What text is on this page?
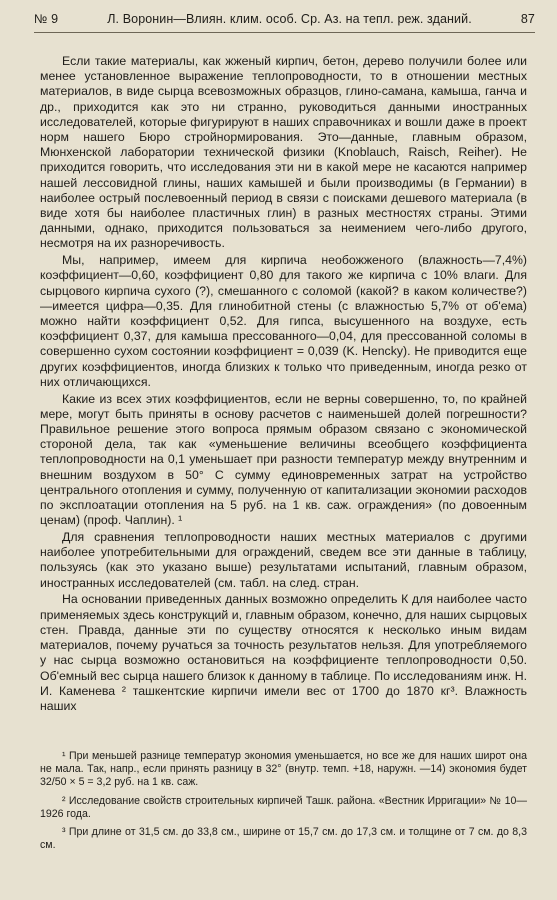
№ 9	Л. Воронин—Влиян. клим. особ. Ср. Аз. на тепл. реж. зданий.	87

Если такие материалы, как жженый кирпич, бетон, дерево получили более или менее установленное выражение теплопроводности, то в отношении местных материалов, в виде сырца всевозможных образцов, глино-самана, камыша, ганча и др., приходится как это ни странно, руководиться данными иностранных исследователей, которые фигурируют в наших справочниках и вошли даже в проект норм нашего Бюро стройнормирования. Это—данные, главным образом, Мюнхенской лаборатории технической физики (Knoblauch, Raisch, Reiher). Не приходится говорить, что исследования эти ни в какой мере не касаются например нашей лессовидной глины, наших камышей и были производимы (в Германии) в наиболее острый послевоенный период в связи с поисками дешевого материала (в виде хотя бы наиболее пластичных глин) в разных местностях страны. Этими данными, однако, приходится пользоваться за неимением чего-либо другого, несмотря на их разноречивость.

Мы, например, имеем для кирпича необожженого (влажность—7,4%) коэффициент—0,60, коэффициент 0,80 для такого же кирпича с 10% влаги. Для сырцового кирпича сухого (?), смешанного с соломой (какой? в каком количестве?)—имеется цифра—0,35. Для глинобитной стены (с влажностью 5,7% от об'ема) можно найти коэффициент 0,52. Для гипса, высушенного на воздухе, есть коэффициент 0,37, для камыша прессованного—0,04, для прессованной соломы в совершенно сухом состоянии коэффициент = 0,039 (K. Hencky). Не приводится еще других коэффициентов, иногда близких к только что приведенным, иногда резко от них отличающихся.

Какие из всех этих коэффициентов, если не верны совершенно, то, по крайней мере, могут быть приняты в основу расчетов с наименьшей долей погрешности? Правильное решение этого вопроса прямым образом связано с экономической стороной дела, так как «уменьшение величины всеобщего коэффициента теплопроводности на 0,1 уменьшает при разности температур между внутренним и внешним воздухом в 50° С сумму единовременных затрат на устройство центрального отопления и сумму, полученную от капитализации экономии расходов по эксплоатации отопления на 5 руб. на 1 кв. саж. ограждения» (по довоенным ценам) (проф. Чаплин). ¹

Для сравнения теплопроводности наших местных материалов с другими наиболее употребительными для ограждений, сведем все эти данные в таблицу, пользуясь (как это указано выше) результатами испытаний, главным образом, иностранных исследователей (см. табл. на след. стран.

На основании приведенных данных возможно определить К для наиболее часто применяемых здесь конструкций и, главным образом, конечно, для наших сырцовых стен. Правда, данные эти по существу относятся к несколько иным видам материалов, почему ручаться за точность результатов нельзя. Для употребляемого у нас сырца возможно остановиться на коэффициенте теплопроводности 0,50. Об'емный вес сырца нашего близок к данному в таблице. По исследованиям инж. Н. И. Каменева ² ташкентские кирпичи имели вес от 1700 до 1870 кг³. Влажность наших

¹ При меньшей разнице температур экономия уменьшается, но все же для наших широт она не мала. Так, напр., если принять разницу в 32° (внутр. темп. +18, наружн. —14) экономия будет 32/50 × 5 = 3,2 руб. на 1 кв. саж.

² Исследование свойств строительных кирпичей Ташк. района. «Вестник Ирригации» № 10—1926 года.

³ При длине от 31,5 см. до 33,8 см., ширине от 15,7 см. до 17,3 см. и толщине от 7 см. до 8,3 см.
